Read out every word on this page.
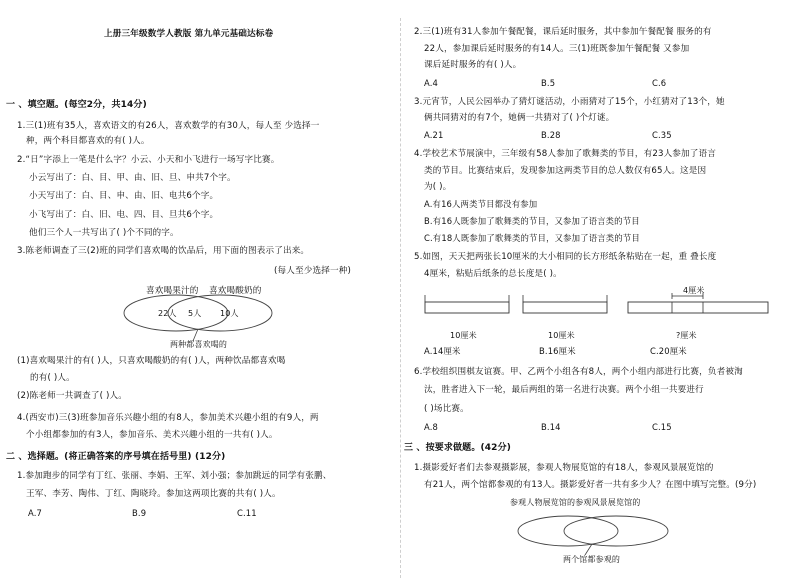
上册三年级数学人教版 第九单元基础达标卷
一 、填空题。(每空2分，共14分)
1.三(1)班有35人，喜欢语文的有26人，喜欢数学的有30人，每人至 少选择一
种，两个科目都喜欢的有( )人。
2.“日”字添上一笔是什么字？小云、小天和小飞进行一场写字比赛。
小云写出了：白、目、甲、由、旧、旦、申共7个字。
小天写出了：白、目、申、由、旧、电共6个字。
小飞写出了：白、旧、电、四、目、旦共6个字。
他们三个人一共写出了( )个不同的字。
3.陈老师调查了三(2)班的同学们喜欢喝的饮品后，用下面的图表示了出来。
(每人至少选择一种)
喜欢喝果汁的 喜欢喝酸奶的
22人 5人 10人
两种都喜欢喝的
(1)喜欢喝果汁的有( )人，只喜欢喝酸奶的有( )人，两种饮品都喜欢喝
的有( )人。
(2)陈老师一共调查了( )人。
4.(西安市)三(3)班参加音乐兴趣小组的有8人，参加美术兴趣小组的有9人，两
个小组都参加的有3人，参加音乐、美术兴趣小组的一共有( )人。
二 、选择题。(将正确答案的序号填在括号里) (12分)
1.参加跑步的同学有丁红、张丽、李娟、王军、刘小强；参加跳远的同学有张鹏、
王军、李芳、陶伟、丁红、陶晓玲。参加这两项比赛的共有( )人。
A.7	B.9	C.11
2.三(1)班有31人参加午餐配餐，课后延时服务，其中参加午餐配餐 服务的有
22人，参加课后延时服务的有14人。三(1)班既参加午餐配餐 又参加
课后延时服务的有( )人。
A.4	B.5	C.6
3.元宵节，人民公园举办了猜灯谜活动，小雨猜对了15个，小红猜对了13个，她
俩共同猜对的有7个，她俩一共猜对了( )个灯谜。
A.21	B.28	C.35
4.学校艺术节展演中，三年级有58人参加了歌舞类的节目，有23人参加了语言
类的节目。比赛结束后，发现参加这两类节目的总人数仅有65人。这是因
为( )。
A.有16人两类节目都没有参加
B.有16人既参加了歌舞类的节目，又参加了语言类的节目
C.有18人既参加了歌舞类的节目，又参加了语言类的节目
5.如图，天天把两张长10厘米的大小相同的长方形纸条粘贴在一起，重 叠长度
4厘米，粘贴后纸条的总长度是( )。
4厘米
10厘米	10厘米	?厘米
A.14厘米	B.16厘米	C.20厘米
6.学校组织围棋友谊赛。甲、乙两个小组各有8人，两个小组内部进行比赛，负者被淘
汰，胜者进入下一轮，最后两组的第一名进行决赛。两个小组一共要进行
( )场比赛。
A.8	B.14	C.15
三 、按要求做题。(42分)
1.摄影爱好者们去参观摄影展，参观人物展览馆的有18人，参观风景展览馆的
有21人，两个馆都参观的有13人。摄影爱好者一共有多少人？在图中填写完整。(9分)
参观人物展览馆的参观风景展览馆的
两个馆都参观的
